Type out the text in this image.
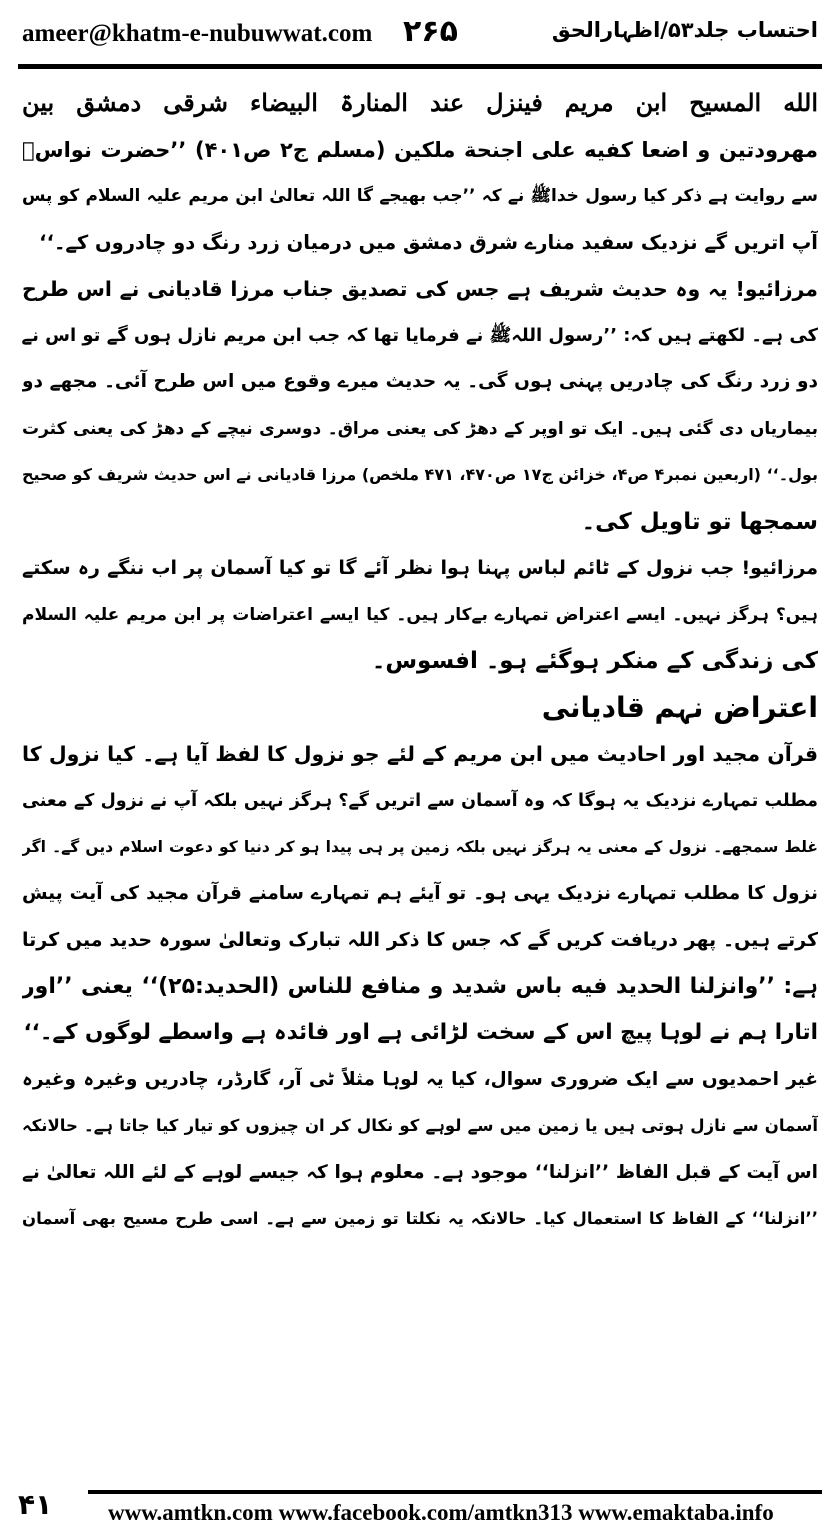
ameer@khatm-e-nubuwwat.com ۲۶۵	احتساب جلد۵۳/اظہارالحق
الله المسیح ابن مریم فینزل عند المنارۃ البیضاء شرقی دمشق بین
مھرودتین و اضعا کفیه علی اجنحة ملکین (مسلم ج۲ ص۴۰۱) ’’حضرت نواسؓ
سے روایت ہے ذکر کیا رسول خداﷺ نے کہ ’’جب بھیجے گا اللہ تعالیٰ ابن مریم علیہ السلام کو پس
آپ اتریں گے نزدیک سفید منارے شرق دمشق میں درمیان زرد رنگ دو چادروں کے۔‘‘
مرزائیو! یہ وہ حدیث شریف ہے جس کی تصدیق جناب مرزا قادیانی نے اس طرح
کی ہے۔ لکھتے ہیں کہ: ’’رسول اللہﷺ نے فرمایا تھا کہ جب ابن مریم نازل ہوں گے تو اس نے
دو زرد رنگ کی چادریں پہنی ہوں گی۔ یہ حدیث میرے وقوع میں اس طرح آئی۔ مجھے دو
بیماریاں دی گئی ہیں۔ ایک تو اوپر کے دھڑ کی یعنی مراق۔ دوسری نیچے کے دھڑ کی یعنی کثرت
بول۔‘‘ (اربعین نمبر۴ ص۴، خزائن ج۱۷ ص۴۷۰، ۴۷۱ ملخص) مرزا قادیانی نے اس حدیث شریف کو صحیح
سمجھا تو تاویل کی۔
مرزائیو! جب نزول کے ٹائم لباس پہنا ہوا نظر آئے گا تو کیا آسمان پر اب ننگے رہ سکتے
ہیں؟ ہرگز نہیں۔ ایسے اعتراض تمہارے بےکار ہیں۔ کیا ایسے اعتراضات پر ابن مریم علیہ السلام
کی زندگی کے منکر ہوگئے ہو۔ افسوس۔
اعتراض نہم قادیانی
قرآن مجید اور احادیث میں ابن مریم کے لئے جو نزول کا لفظ آیا ہے۔ کیا نزول کا
مطلب تمہارے نزدیک یہ ہوگا کہ وہ آسمان سے اتریں گے؟ ہرگز نہیں بلکہ آپ نے نزول کے معنی
غلط سمجھے۔ نزول کے معنی یہ ہرگز نہیں بلکہ زمین پر ہی پیدا ہو کر دنیا کو دعوت اسلام دیں گے۔ اگر
نزول کا مطلب تمہارے نزدیک یہی ہو۔ تو آیئے ہم تمہارے سامنے قرآن مجید کی آیت پیش
کرتے ہیں۔ پھر دریافت کریں گے کہ جس کا ذکر اللہ تبارک وتعالیٰ سورہ حدید میں کرتا
ہے: ’’وانزلنا الحدید فیه باس شدید و منافع للناس (الحدید:۲۵)‘‘ یعنی ’’اور
اتارا ہم نے لوہا پیچ اس کے سخت لڑائی ہے اور فائدہ ہے واسطے لوگوں کے۔‘‘
غیر احمدیوں سے ایک ضروری سوال، کیا یہ لوہا مثلاً ٹی آر، گارڈر، چادریں وغیرہ وغیرہ
آسمان سے نازل ہوتی ہیں یا زمین میں سے لوہے کو نکال کر ان چیزوں کو تیار کیا جاتا ہے۔ حالانکہ
اس آیت کے قبل الفاظ ’’انزلنا‘‘ موجود ہے۔ معلوم ہوا کہ جیسے لوہے کے لئے اللہ تعالیٰ نے
’’انزلنا‘‘ کے الفاظ کا استعمال کیا۔ حالانکہ یہ نکلتا تو زمین سے ہے۔ اسی طرح مسیح بھی آسمان
۴۱ www.amtkn.com www.facebook.com/amtkn313 www.emaktaba.info
